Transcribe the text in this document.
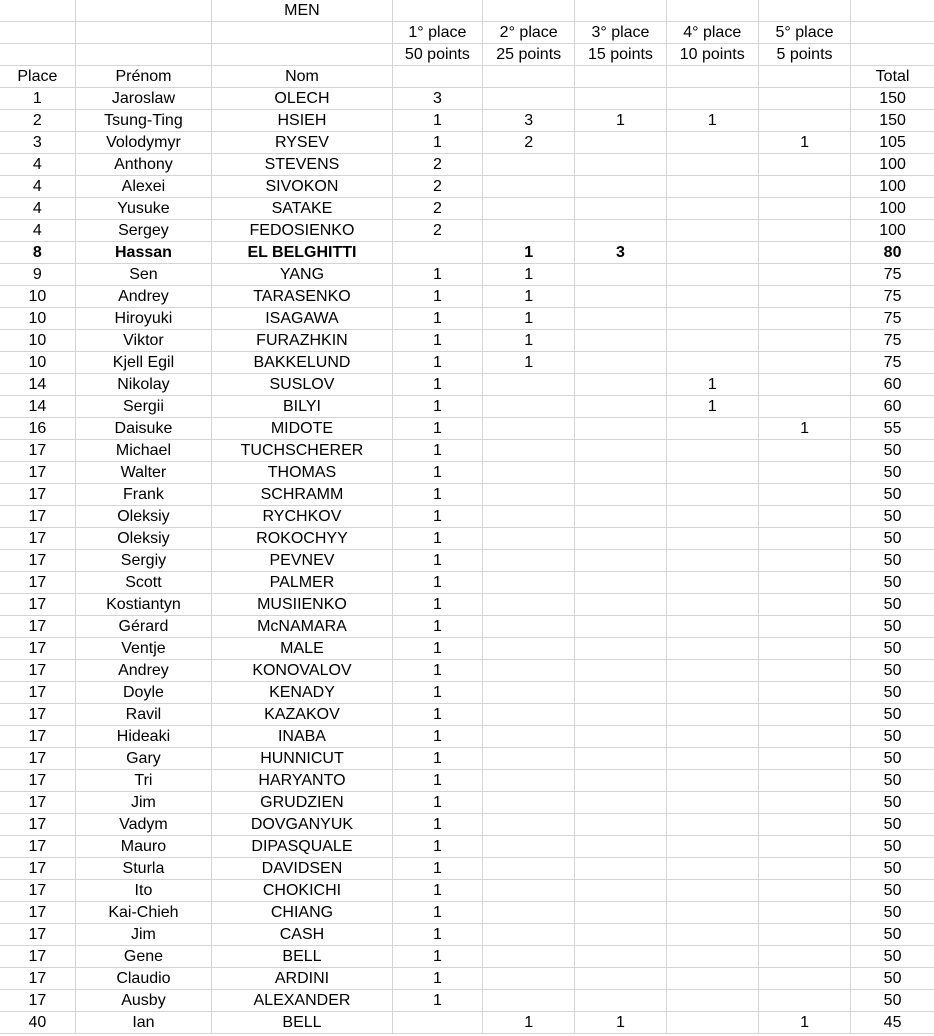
		MEN						
			1° place	2° place	3° place	4° place	5° place	
			50 points	25 points	15 points	10 points	5 points	
Place	Prénom	Nom						Total
1	Jaroslaw	OLECH	3					150
2	Tsung-Ting	HSIEH	1	3	1	1		150
3	Volodymyr	RYSEV	1	2			1	105
4	Anthony	STEVENS	2					100
4	Alexei	SIVOKON	2					100
4	Yusuke	SATAKE	2					100
4	Sergey	FEDOSIENKO	2					100
8	Hassan	EL BELGHITTI		1	3			80
9	Sen	YANG	1	1				75
10	Andrey	TARASENKO	1	1				75
10	Hiroyuki	ISAGAWA	1	1				75
10	Viktor	FURAZHKIN	1	1				75
10	Kjell Egil	BAKKELUND	1	1				75
14	Nikolay	SUSLOV	1			1		60
14	Sergii	BILYI	1			1		60
16	Daisuke	MIDOTE	1				1	55
17	Michael	TUCHSCHERER	1					50
17	Walter	THOMAS	1					50
17	Frank	SCHRAMM	1					50
17	Oleksiy	RYCHKOV	1					50
17	Oleksiy	ROKOCHYY	1					50
17	Sergiy	PEVNEV	1					50
17	Scott	PALMER	1					50
17	Kostiantyn	MUSIIENKO	1					50
17	Gérard	McNAMARA	1					50
17	Ventje	MALE	1					50
17	Andrey	KONOVALOV	1					50
17	Doyle	KENADY	1					50
17	Ravil	KAZAKOV	1					50
17	Hideaki	INABA	1					50
17	Gary	HUNNICUT	1					50
17	Tri	HARYANTO	1					50
17	Jim	GRUDZIEN	1					50
17	Vadym	DOVGANYUK	1					50
17	Mauro	DIPASQUALE	1					50
17	Sturla	DAVIDSEN	1					50
17	Ito	CHOKICHI	1					50
17	Kai-Chieh	CHIANG	1					50
17	Jim	CASH	1					50
17	Gene	BELL	1					50
17	Claudio	ARDINI	1					50
17	Ausby	ALEXANDER	1					50
40	Ian	BELL		1	1		1	45
